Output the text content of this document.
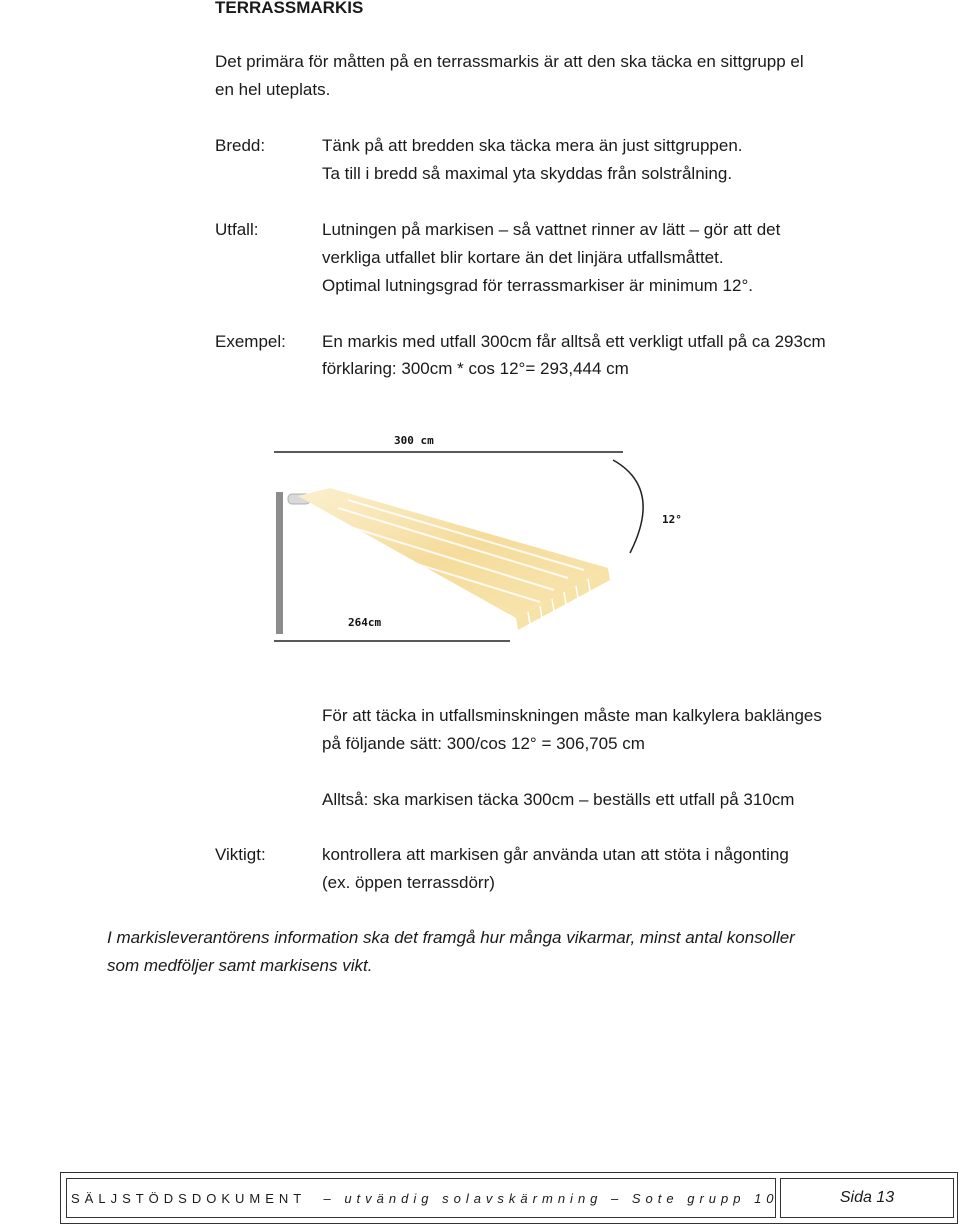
TERRASSMARKIS

Det primära för måtten på en terrassmarkis är att den ska täcka en sittgrupp el

en hel uteplats.

Bredd:	Tänk på att bredden ska täcka mera än just sittgruppen.

Ta till i bredd så maximal yta skyddas från solstrålning.

Utfall:	Lutningen på markisen – så vattnet rinner av lätt – gör att det

verkliga utfallet blir kortare än det linjära utfallsmåttet.

Optimal lutningsgrad för terrassmarkiser är minimum 12°.

Exempel: En markis med utfall 300cm får alltså ett verkligt utfall på ca 293cm

förklaring: 300cm * cos 12°= 293,444 cm

300 cm
12°
264cm

För att täcka in utfallsminskningen måste man kalkylera baklänges

på följande sätt: 300/cos 12° = 306,705 cm

Alltså: ska markisen täcka 300cm – beställs ett utfall på 310cm

Viktigt:	kontrollera att markisen går använda utan att stöta i någonting

(ex. öppen terrassdörr)

I markisleverantörens information ska det framgå hur många vikarmar, minst antal konsoller

som medföljer samt markisens vikt.

SÄLJSTÖDSDOKUMENT
– utvändig solavskärmning – Sote grupp 10	Sida 13
